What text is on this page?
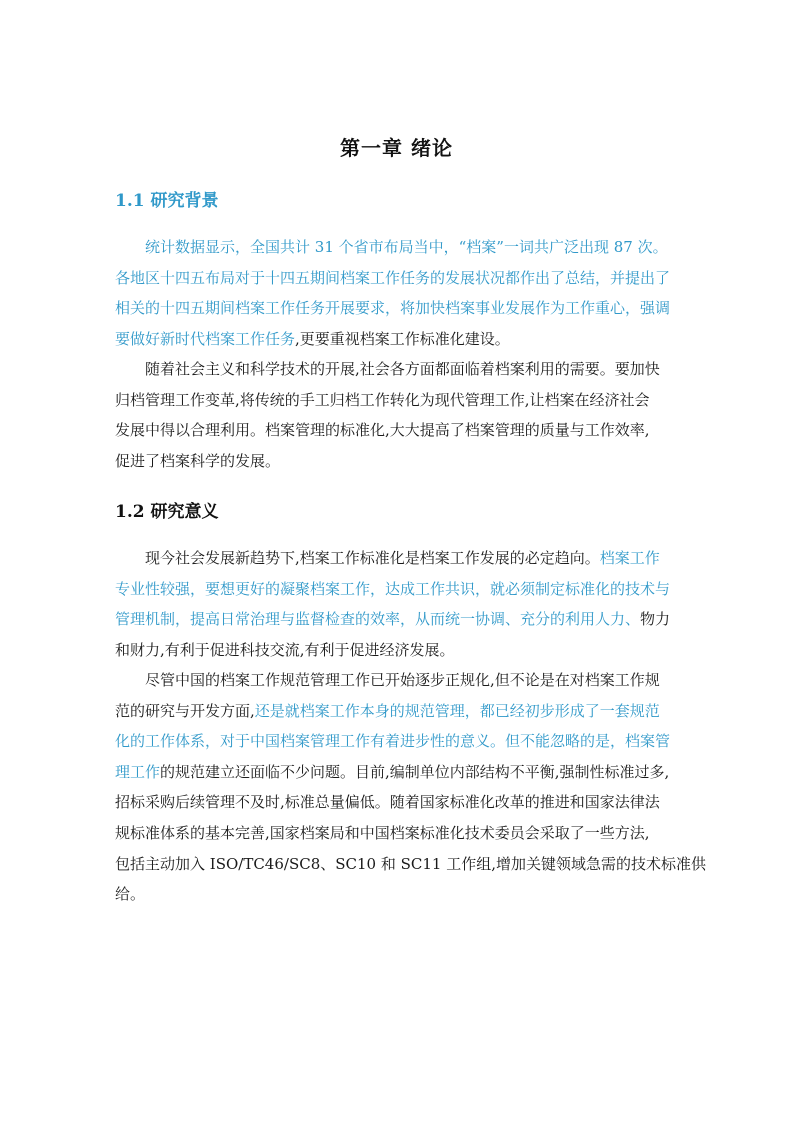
第一章 绪论
1.1 研究背景
统计数据显示，全国共计 31 个省市布局当中，“档案”一词共广泛出现 87 次。
各地区十四五布局对于十四五期间档案工作任务的发展状况都作出了总结，并提出了
相关的十四五期间档案工作任务开展要求，将加快档案事业发展作为工作重心，强调
要做好新时代档案工作任务,更要重视档案工作标准化建设。
随着社会主义和科学技术的开展,社会各方面都面临着档案利用的需要。要加快
归档管理工作变革,将传统的手工归档工作转化为现代管理工作,让档案在经济社会
发展中得以合理利用。档案管理的标准化,大大提高了档案管理的质量与工作效率,
促进了档案科学的发展。
1.2 研究意义
现今社会发展新趋势下,档案工作标准化是档案工作发展的必定趋向。档案工作
专业性较强，要想更好的凝聚档案工作，达成工作共识，就必须制定标准化的技术与
管理机制，提高日常治理与监督检查的效率，从而统一协调、充分的利用人力、物力
和财力,有利于促进科技交流,有利于促进经济发展。
尽管中国的档案工作规范管理工作已开始逐步正规化,但不论是在对档案工作规
范的研究与开发方面,还是就档案工作本身的规范管理，都已经初步形成了一套规范
化的工作体系，对于中国档案管理工作有着进步性的意义。但不能忽略的是，档案管
理工作的规范建立还面临不少问题。目前,编制单位内部结构不平衡,强制性标准过多,
招标采购后续管理不及时,标准总量偏低。随着国家标准化改革的推进和国家法律法
规标准体系的基本完善,国家档案局和中国档案标准化技术委员会采取了一些方法,
包括主动加入 ISO/TC46/SC8、SC10 和 SC11 工作组,增加关键领域急需的技术标准供
给。
